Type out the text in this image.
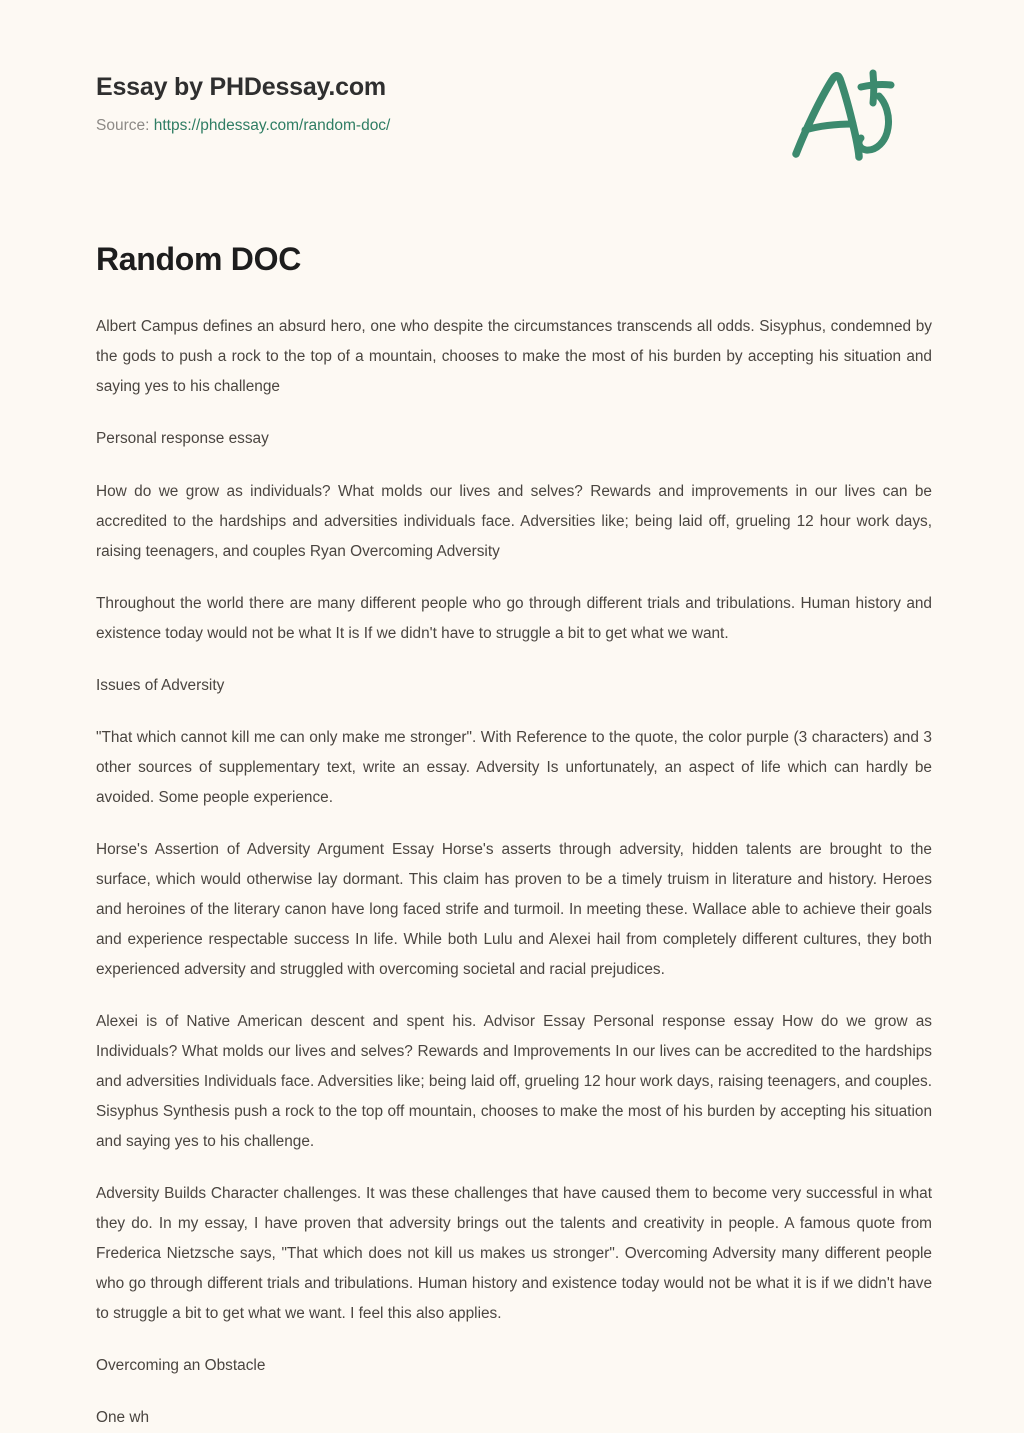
Essay by PHDessay.com
Source: https://phdessay.com/random-doc/
Random DOC

Albert Campus defines an absurd hero, one who despite the circumstances transcends all odds. Sisyphus, condemned by the gods to push a rock to the top of a mountain, chooses to make the most of his burden by accepting his situation and saying yes to his challenge

Personal response essay

How do we grow as individuals? What molds our lives and selves? Rewards and improvements in our lives can be accredited to the hardships and adversities individuals face. Adversities like; being laid off, grueling 12 hour work days, raising teenagers, and couples Ryan Overcoming Adversity

Throughout the world there are many different people who go through different trials and tribulations. Human history and existence today would not be what It is If we didn't have to struggle a bit to get what we want.

Issues of Adversity

"That which cannot kill me can only make me stronger". With Reference to the quote, the color purple (3 characters) and 3 other sources of supplementary text, write an essay. Adversity Is unfortunately, an aspect of life which can hardly be avoided. Some people experience.

Horse's Assertion of Adversity Argument Essay Horse's asserts through adversity, hidden talents are brought to the surface, which would otherwise lay dormant. This claim has proven to be a timely truism in literature and history. Heroes and heroines of the literary canon have long faced strife and turmoil. In meeting these. Wallace able to achieve their goals and experience respectable success In life. While both Lulu and Alexei hail from completely different cultures, they both experienced adversity and struggled with overcoming societal and racial prejudices.

Alexei is of Native American descent and spent his. Advisor Essay Personal response essay How do we grow as Individuals? What molds our lives and selves? Rewards and Improvements In our lives can be accredited to the hardships and adversities Individuals face. Adversities like; being laid off, grueling 12 hour work days, raising teenagers, and couples. Sisyphus Synthesis push a rock to the top off mountain, chooses to make the most of his burden by accepting his situation and saying yes to his challenge.

Adversity Builds Character challenges. It was these challenges that have caused them to become very successful in what they do. In my essay, I have proven that adversity brings out the talents and creativity in people. A famous quote from Frederica Nietzsche says, "That which does not kill us makes us stronger". Overcoming Adversity many different people who go through different trials and tribulations. Human history and existence today would not be what it is if we didn't have to struggle a bit to get what we want. I feel this also applies.

Overcoming an Obstacle

One wh
